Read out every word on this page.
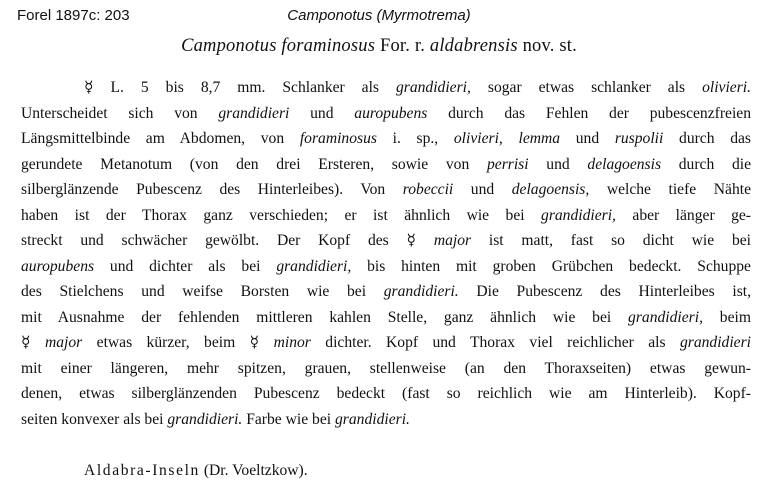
Forel 1897c: 203	Camponotus (Myrmotrema)
Camponotus foraminosus For. r. aldabrensis nov. st.
☿ L. 5 bis 8,7 mm. Schlanker als grandidieri, sogar etwas schlanker als olivieri.
Unterscheidet sich von grandidieri und auropubens durch das Fehlen der pubescenzfreien
Längsmittelbinde am Abdomen, von foraminosus i. sp., olivieri, lemma und ruspolii durch das
gerundete Metanotum (von den drei Ersteren, sowie von perrisi und delagoensis durch die
silberglänzende Pubescenz des Hinterleibes). Von robeccii und delagoensis, welche tiefe Nähte
haben ist der Thorax ganz verschieden; er ist ähnlich wie bei grandidieri, aber länger ge-
streckt und schwächer gewölbt. Der Kopf des ☿ major ist matt, fast so dicht wie bei
auropubens und dichter als bei grandidieri, bis hinten mit groben Grübchen bedeckt. Schuppe
des Stielchens und weifse Borsten wie bei grandidieri. Die Pubescenz des Hinterleibes ist,
mit Ausnahme der fehlenden mittleren kahlen Stelle, ganz ähnlich wie bei grandidieri, beim
☿ major etwas kürzer, beim ☿ minor dichter. Kopf und Thorax viel reichlicher als grandidieri
mit einer längeren, mehr spitzen, grauen, stellenweise (an den Thoraxseiten) etwas gewun-
denen, etwas silberglänzenden Pubescenz bedeckt (fast so reichlich wie am Hinterleib). Kopf-
seiten konvexer als bei grandidieri. Farbe wie bei grandidieri.
Aldabra-Inseln (Dr. Voeltzkow).
